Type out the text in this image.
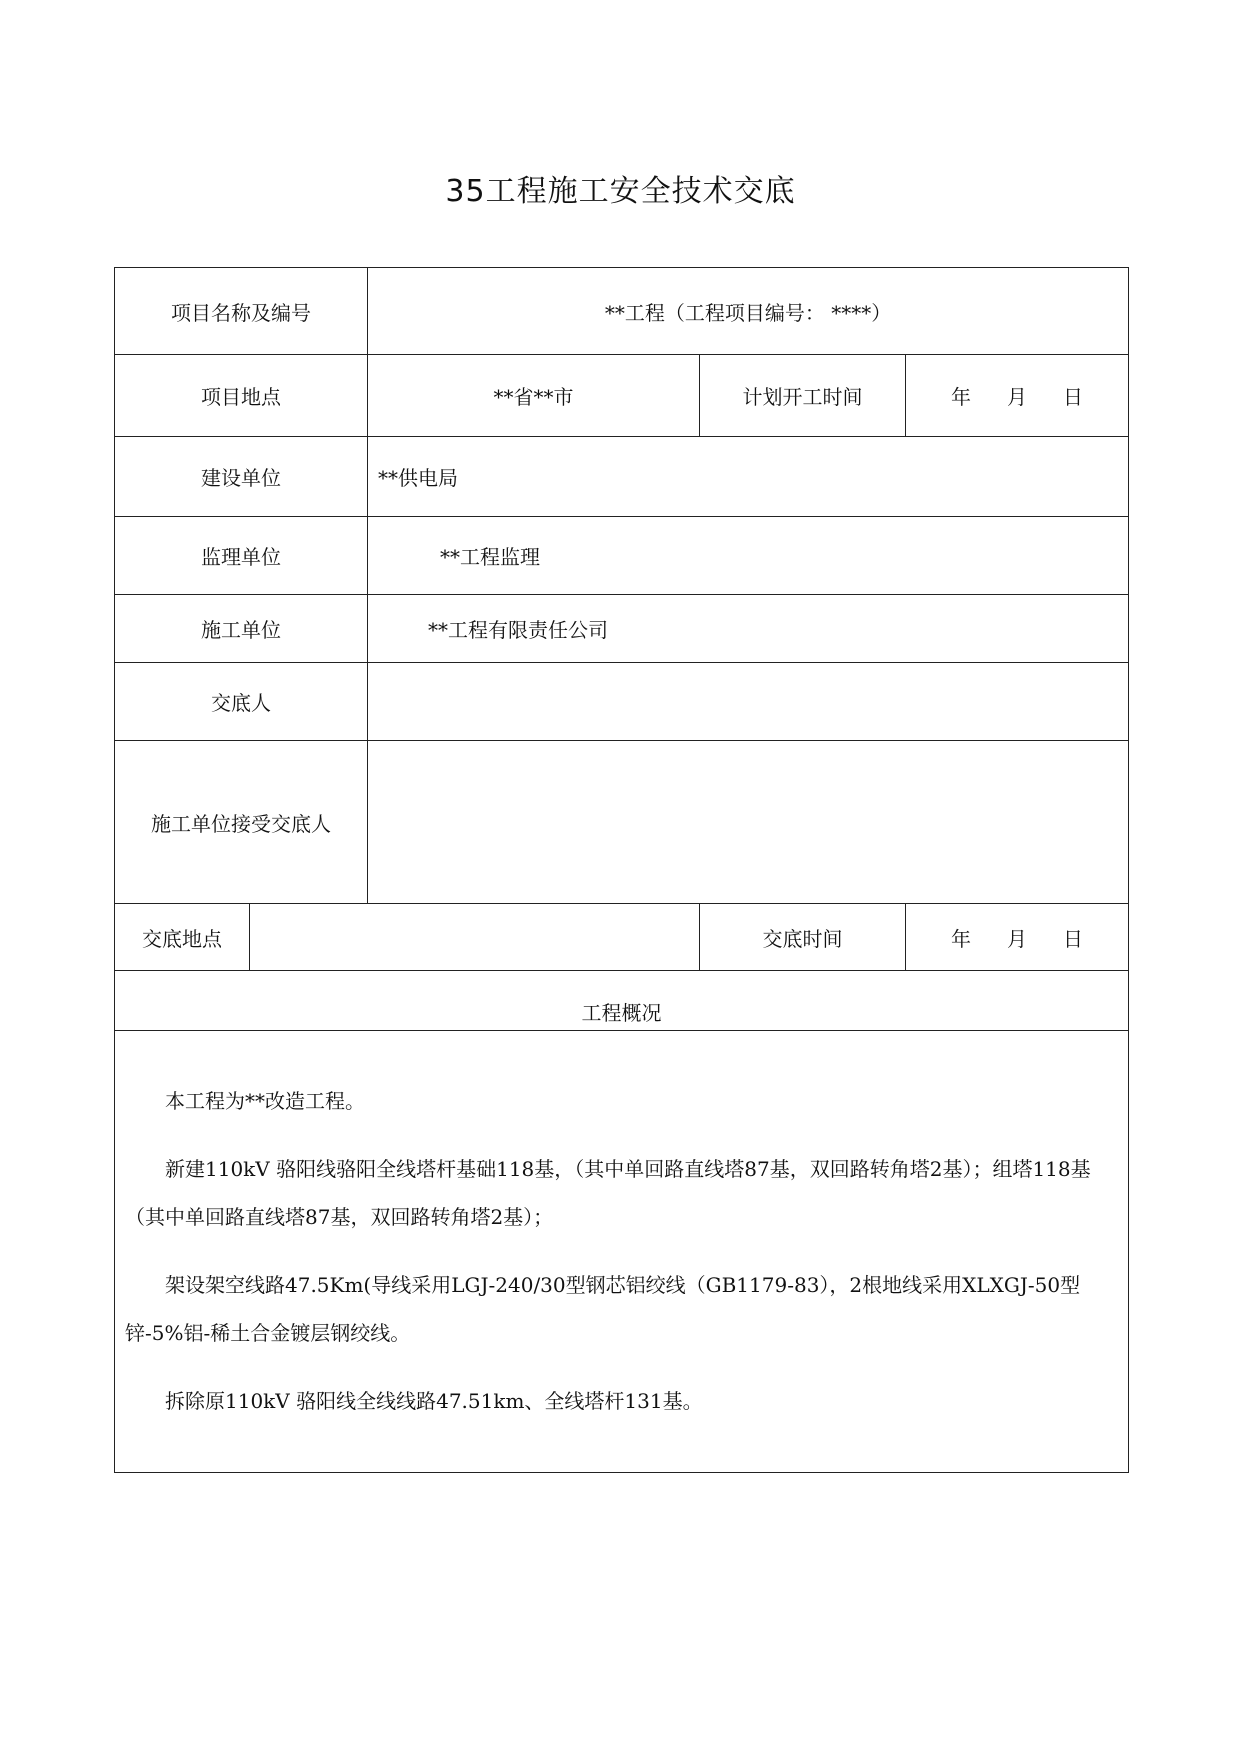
35工程施工安全技术交底
项目名称及编号		**工程（工程项目编号： ****）		
项目地点		**省**市	计划开工时间	年 月 日
建设单位		**供电局		
监理单位		**工程监理		
施工单位		**工程有限责任公司		
交底人				
施工单位接受交底人				
交底地点			交底时间	年 月 日
工程概况				

本工程为**改造工程。

新建110kV 骆阳线骆阳全线塔杆基础118基，（其中单回路直线塔87基，双回路转角塔2基）；组塔118基（其中单回路直线塔87基，双回路转角塔2基）；

架设架空线路47.5Km(导线采用LGJ-240/30型钢芯铝绞线（GB1179-83），2根地线采用XLXGJ-50型锌-5%铝-稀土合金镀层钢绞线。

拆除原110kV 骆阳线全线线路47.51km、全线塔杆131基。				
